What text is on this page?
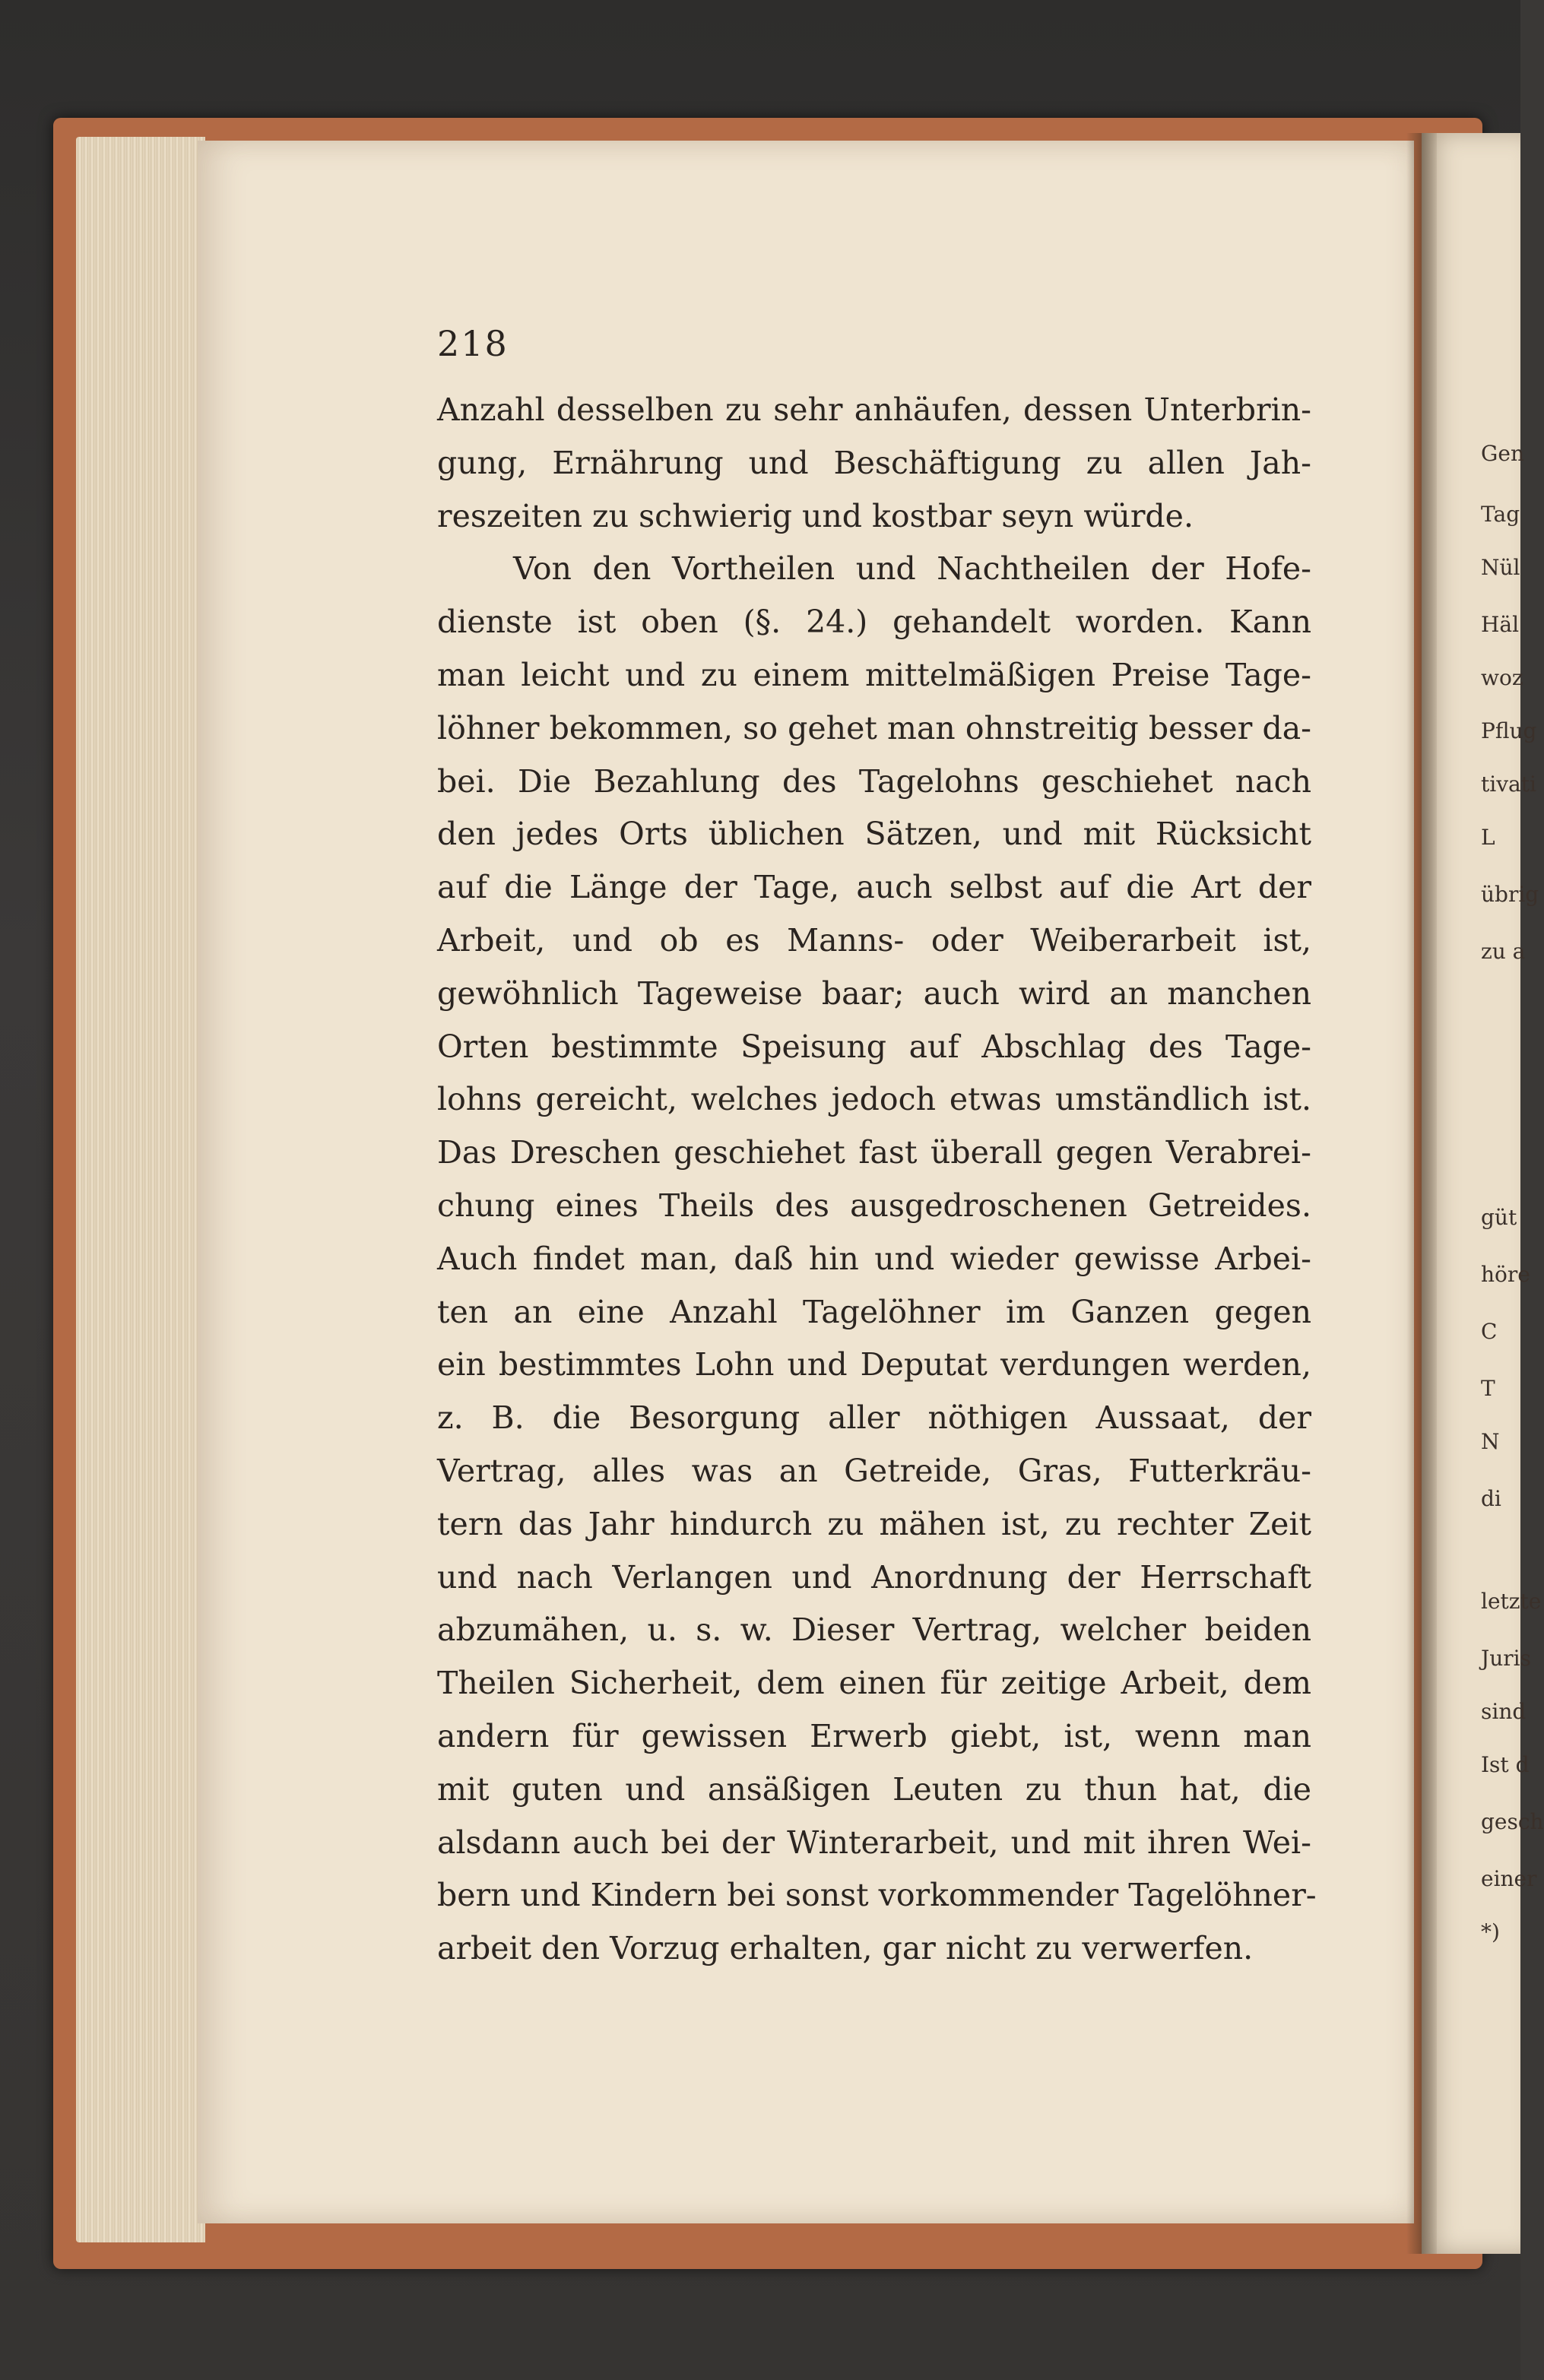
218
Anzahl desselben zu sehr anhäufen, dessen Unterbrin-
gung, Ernährung und Beschäftigung zu allen Jah-
reszeiten zu schwierig und kostbar seyn würde.
Von den Vortheilen und Nachtheilen der Hofe-
dienste ist oben (§. 24.) gehandelt worden. Kann
man leicht und zu einem mittelmäßigen Preise Tage-
löhner bekommen, so gehet man ohnstreitig besser da-
bei. Die Bezahlung des Tagelohns geschiehet nach
den jedes Orts üblichen Sätzen, und mit Rücksicht
auf die Länge der Tage, auch selbst auf die Art der
Arbeit, und ob es Manns- oder Weiberarbeit ist,
gewöhnlich Tageweise baar; auch wird an manchen
Orten bestimmte Speisung auf Abschlag des Tage-
lohns gereicht, welches jedoch etwas umständlich ist.
Das Dreschen geschiehet fast überall gegen Verabrei-
chung eines Theils des ausgedroschenen Getreides.
Auch findet man, daß hin und wieder gewisse Arbei-
ten an eine Anzahl Tagelöhner im Ganzen gegen
ein bestimmtes Lohn und Deputat verdungen werden,
z. B. die Besorgung aller nöthigen Aussaat, der
Vertrag, alles was an Getreide, Gras, Futterkräu-
tern das Jahr hindurch zu mähen ist, zu rechter Zeit
und nach Verlangen und Anordnung der Herrschaft
abzumähen, u. s. w. Dieser Vertrag, welcher beiden
Theilen Sicherheit, dem einen für zeitige Arbeit, dem
andern für gewissen Erwerb giebt, ist, wenn man
mit guten und ansäßigen Leuten zu thun hat, die
alsdann auch bei der Winterarbeit, und mit ihren Wei-
bern und Kindern bei sonst vorkommender Tagelöhner-
arbeit den Vorzug erhalten, gar nicht zu verwerfen.
Gen
Tag
Nül
Häl
woz
Pflug
tivati
L
übrig
zu a
güt
höre
C
T
N
di
letzte
Juris
sind
Ist d
gesch
einer
*)
